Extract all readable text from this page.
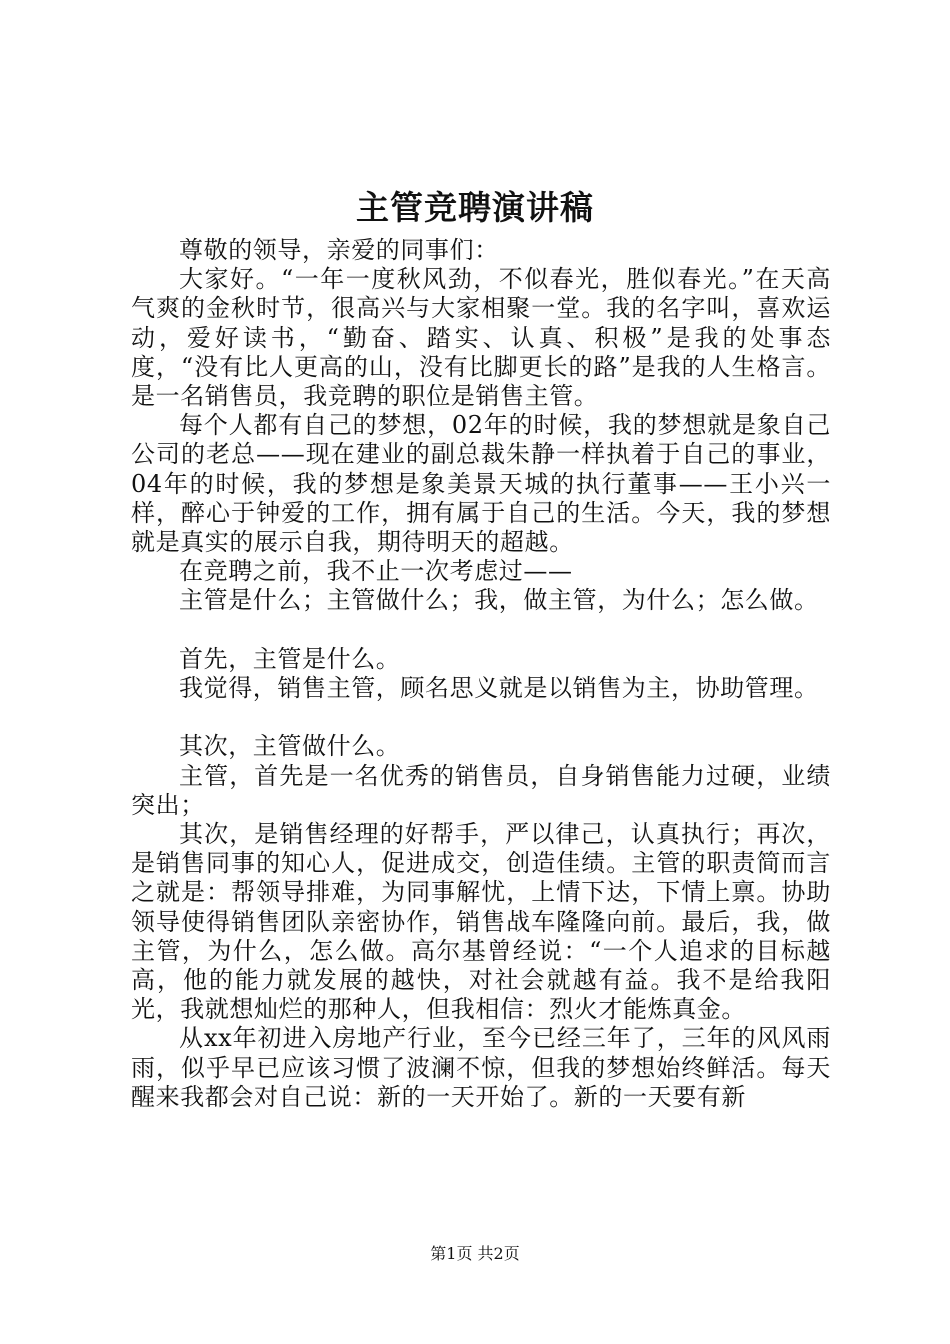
主管竞聘演讲稿

尊敬的领导，亲爱的同事们：

大家好。“一年一度秋风劲，不似春光，胜似春光。”在天高气爽的金秋时节，很高兴与大家相聚一堂。我的名字叫，喜欢运动，爱好读书，“勤奋、踏实、认真、积极”是我的处事态度，“没有比人更高的山，没有比脚更长的路”是我的人生格言。是一名销售员，我竞聘的职位是销售主管。

每个人都有自己的梦想，02年的时候，我的梦想就是象自己公司的老总——现在建业的副总裁朱静一样执着于自己的事业，04年的时候，我的梦想是象美景天城的执行董事——王小兴一样，醉心于钟爱的工作，拥有属于自己的生活。今天，我的梦想就是真实的展示自我，期待明天的超越。

在竞聘之前，我不止一次考虑过——

主管是什么；主管做什么；我，做主管，为什么；怎么做。

首先，主管是什么。

我觉得，销售主管，顾名思义就是以销售为主，协助管理。

其次，主管做什么。

主管，首先是一名优秀的销售员，自身销售能力过硬，业绩突出；

其次，是销售经理的好帮手，严以律己，认真执行；再次，是销售同事的知心人，促进成交，创造佳绩。主管的职责简而言之就是：帮领导排难，为同事解忧，上情下达，下情上禀。协助领导使得销售团队亲密协作，销售战车隆隆向前。最后，我，做主管，为什么，怎么做。高尔基曾经说：“一个人追求的目标越高，他的能力就发展的越快，对社会就越有益。我不是给我阳光，我就想灿烂的那种人，但我相信：烈火才能炼真金。

从xx年初进入房地产行业，至今已经三年了，三年的风风雨雨，似乎早已应该习惯了波澜不惊，但我的梦想始终鲜活。每天醒来我都会对自己说：新的一天开始了。新的一天要有新

第1页 共2页
